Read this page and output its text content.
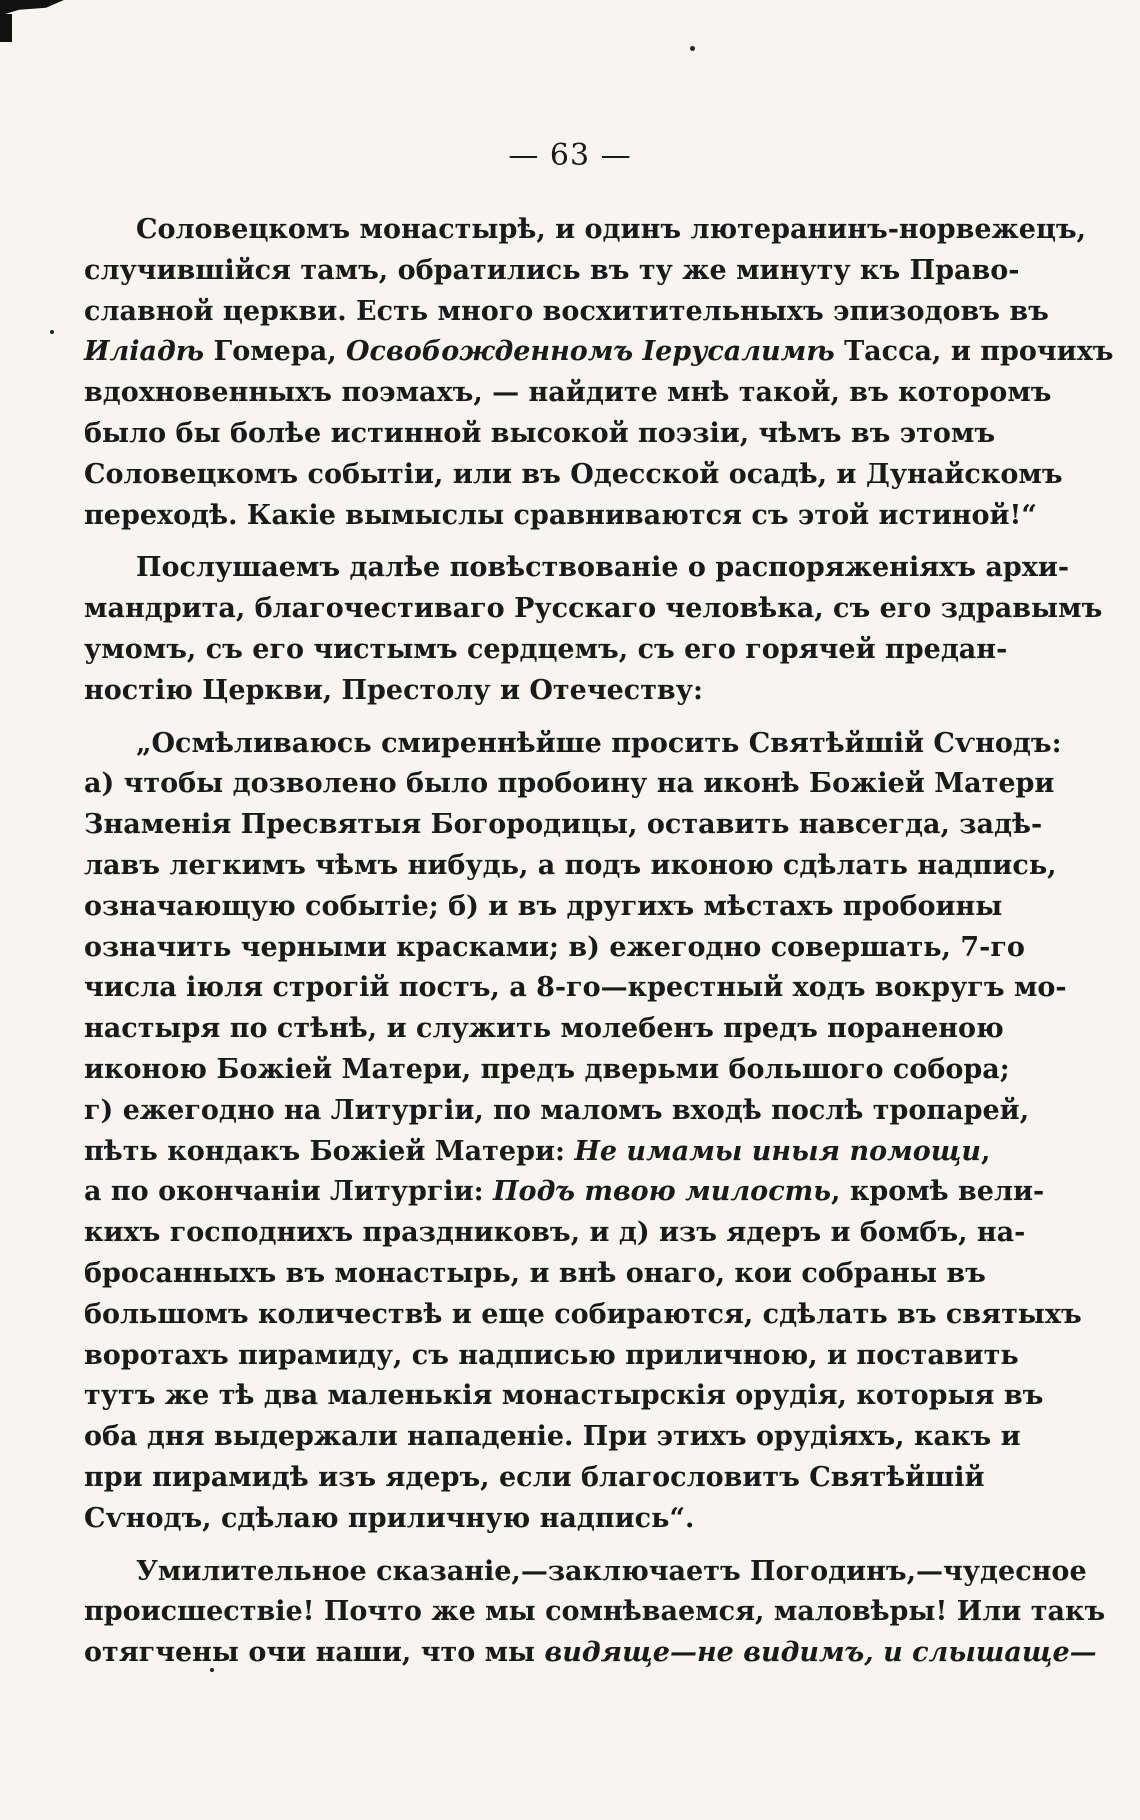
— 63 —
Соловецкомъ монастырѣ, и одинъ лютеранинъ-норвежецъ,
случившійся тамъ, обратились въ ту же минуту къ Право-
славной церкви. Есть много восхитительныхъ эпизодовъ въ
Иліадѣ Гомера, Освобожденномъ Іерусалимѣ Тасса, и прочихъ
вдохновенныхъ поэмахъ, — найдите мнѣ такой, въ которомъ
было бы болѣе истинной высокой поэзіи, чѣмъ въ этомъ
Соловецкомъ событіи, или въ Одесской осадѣ, и Дунайскомъ
переходѣ. Какіе вымыслы сравниваются съ этой истиной!“
Послушаемъ далѣе повѣствованіе о распоряженіяхъ архи-
мандрита, благочестиваго Русскаго человѣка, съ его здравымъ
умомъ, съ его чистымъ сердцемъ, съ его горячей предан-
ностію Церкви, Престолу и Отечеству:
„Осмѣливаюсь смиреннѣйше просить Святѣйшій Сѵнодъ:
а) чтобы дозволено было пробоину на иконѣ Божіей Матери
Знаменія Пресвятыя Богородицы, оставить навсегда, задѣ-
лавъ легкимъ чѣмъ нибудь, а подъ иконою сдѣлать надпись,
означающую событіе; б) и въ другихъ мѣстахъ пробоины
означить черными красками; в) ежегодно совершать, 7-го
числа іюля строгій постъ, а 8-го—крестный ходъ вокругъ мо-
настыря по стѣнѣ, и служить молебенъ предъ пораненою
иконою Божіей Матери, предъ дверьми большого собора;
г) ежегодно на Литургіи, по маломъ входѣ послѣ тропарей,
пѣть кондакъ Божіей Матери: Не имамы иныя помощи,
а по окончаніи Литургіи: Подъ твою милость, кромѣ вели-
кихъ господнихъ праздниковъ, и д) изъ ядеръ и бомбъ, на-
бросанныхъ въ монастырь, и внѣ онаго, кои собраны въ
большомъ количествѣ и еще собираются, сдѣлать въ святыхъ
воротахъ пирамиду, съ надписью приличною, и поставить
тутъ же тѣ два маленькія монастырскія орудія, которыя въ
оба дня выдержали нападеніе. При этихъ орудіяхъ, какъ и
при пирамидѣ изъ ядеръ, если благословитъ Святѣйшій
Сѵнодъ, сдѣлаю приличную надпись“.
Умилительное сказаніе,—заключаетъ Погодинъ,—чудесное
происшествіе! Почто же мы сомнѣваемся, маловѣры! Или такъ
отягчены очи наши, что мы видяще—не видимъ, и слышаще—
